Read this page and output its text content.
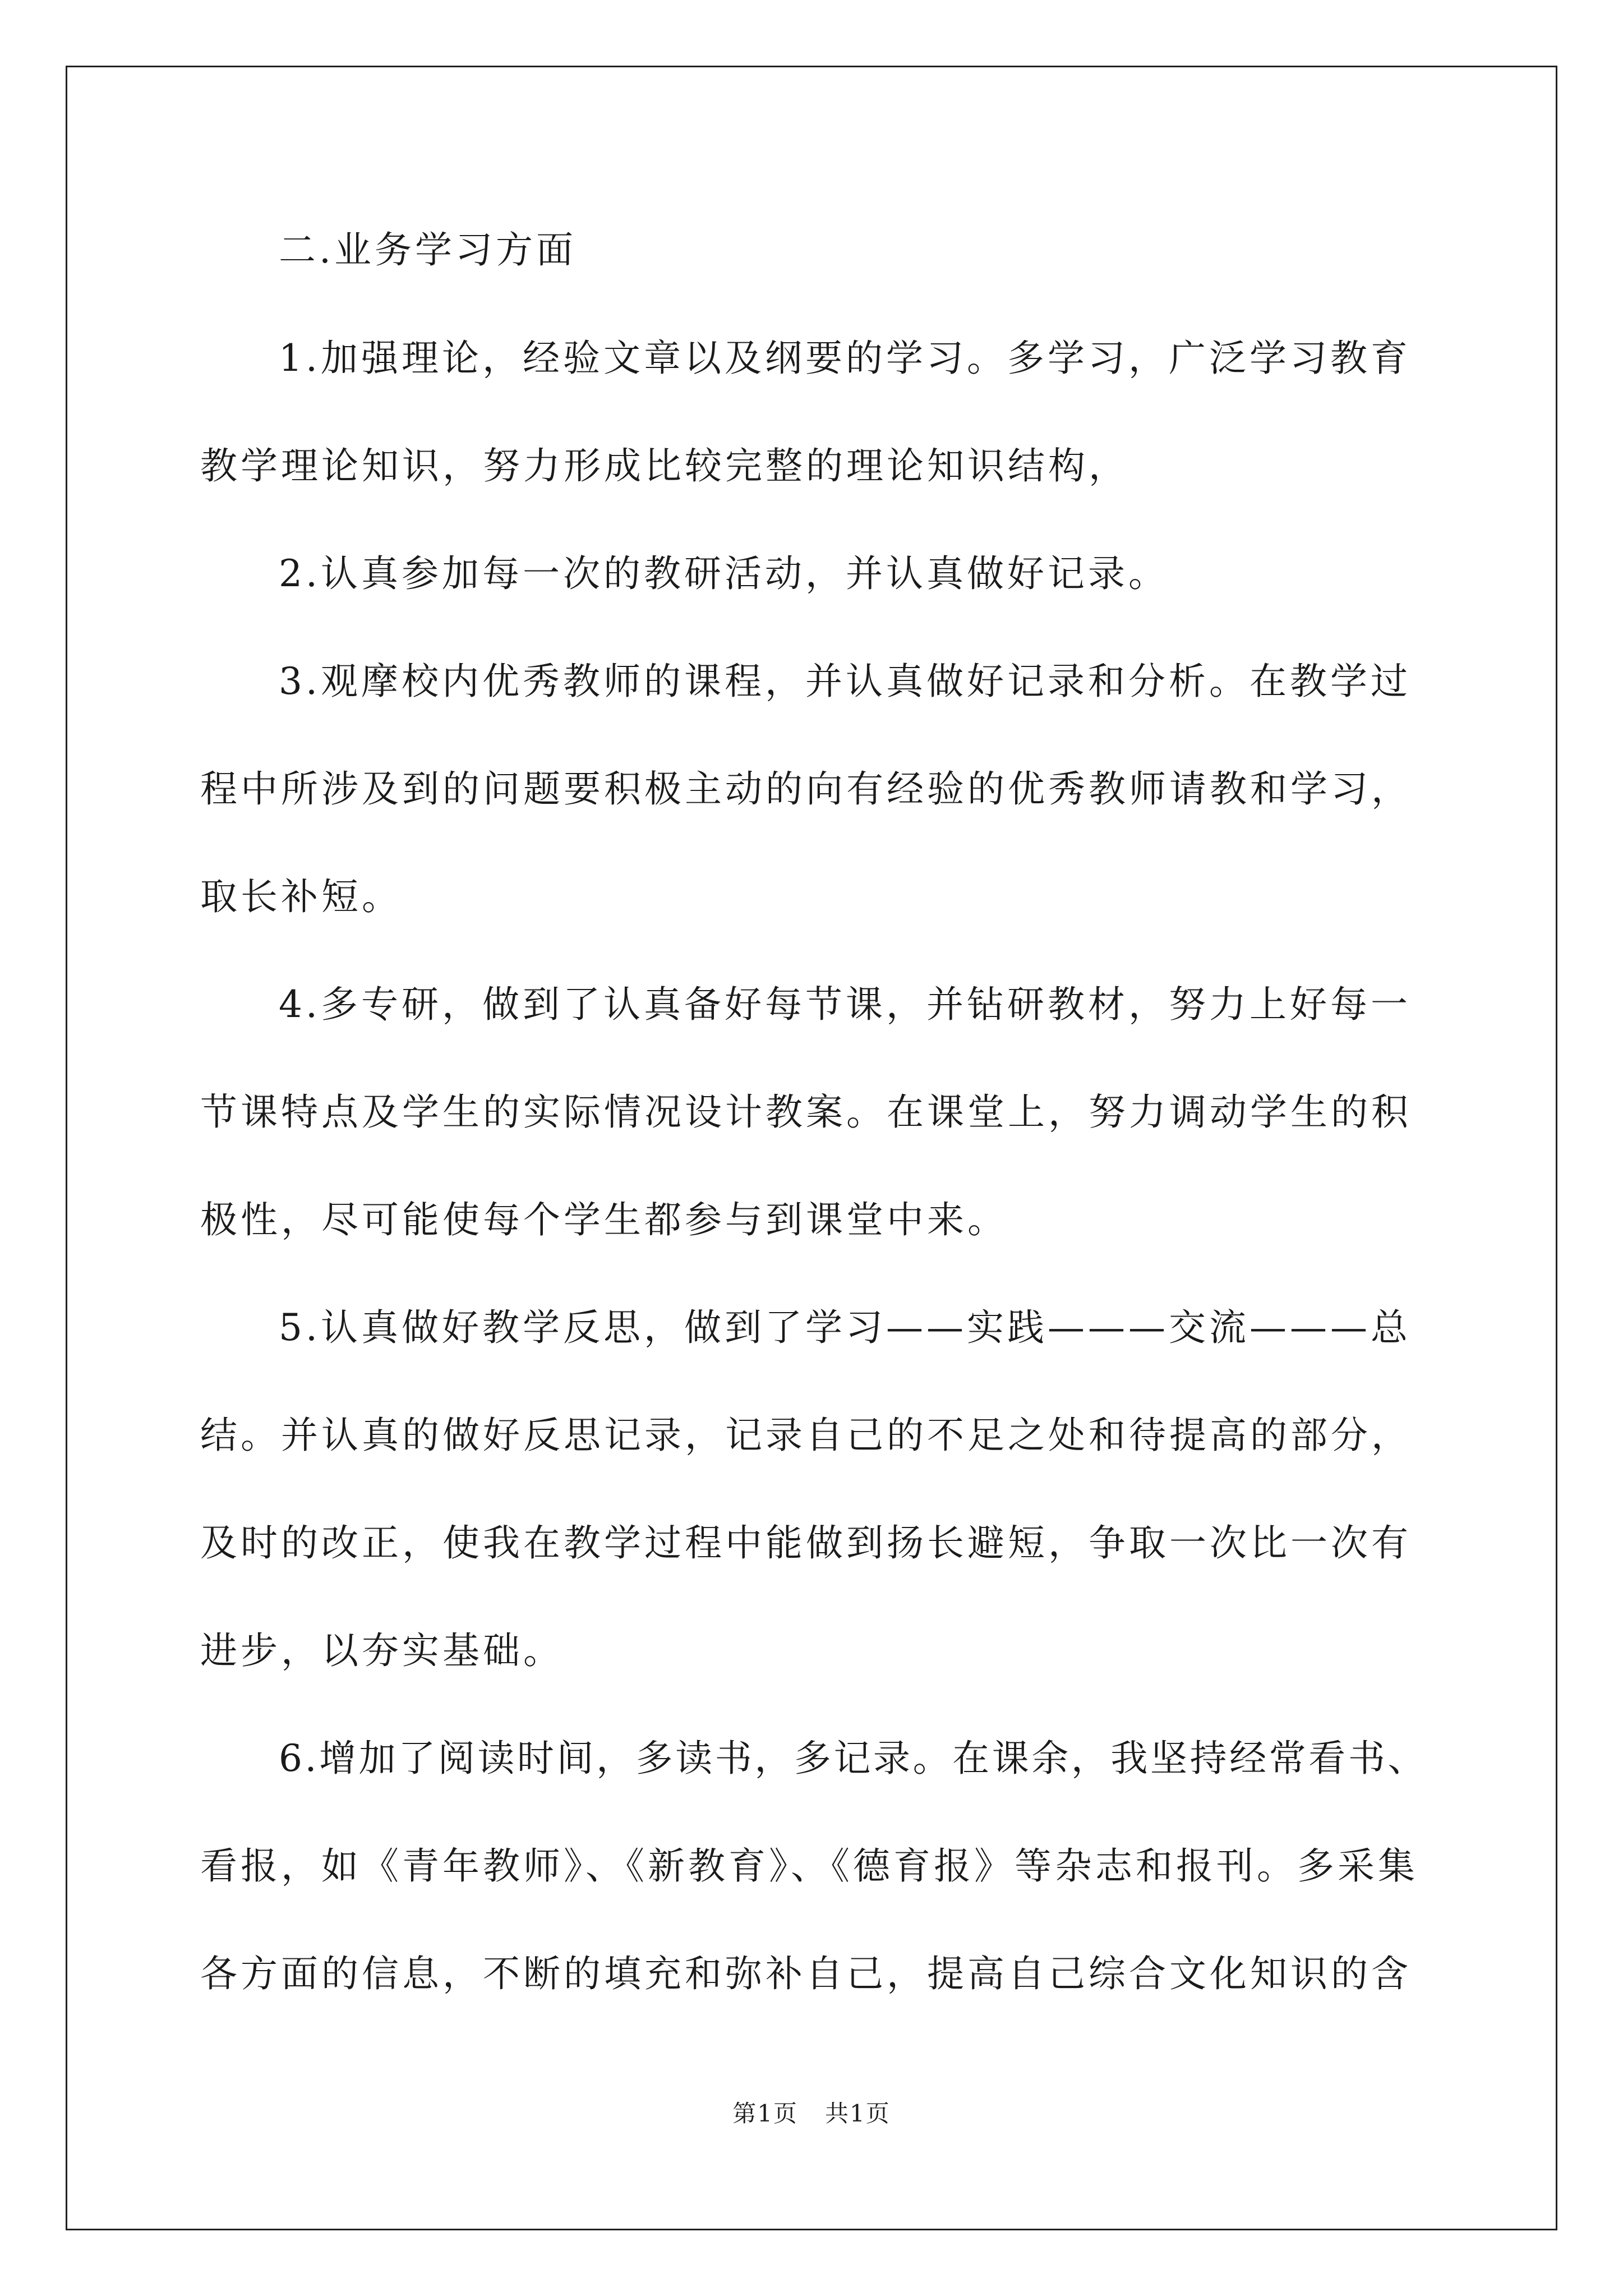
二.业务学习方面
1.加强理论，经验文章以及纲要的学习。多学习，广泛学习教育
教学理论知识，努力形成比较完整的理论知识结构，
2.认真参加每一次的教研活动，并认真做好记录。
3.观摩校内优秀教师的课程，并认真做好记录和分析。在教学过
程中所涉及到的问题要积极主动的向有经验的优秀教师请教和学习，
取长补短。
4.多专研，做到了认真备好每节课，并钻研教材，努力上好每一
节课特点及学生的实际情况设计教案。在课堂上，努力调动学生的积
极性，尽可能使每个学生都参与到课堂中来。
5.认真做好教学反思，做到了学习——实践———交流———总
结。并认真的做好反思记录，记录自己的不足之处和待提高的部分，
及时的改正，使我在教学过程中能做到扬长避短，争取一次比一次有
进步，以夯实基础。
6.增加了阅读时间，多读书，多记录。在课余，我坚持经常看书、
看报，如《青年教师》、《新教育》、《德育报》等杂志和报刊。多采集
各方面的信息，不断的填充和弥补自己，提高自己综合文化知识的含
第1页 共1页
